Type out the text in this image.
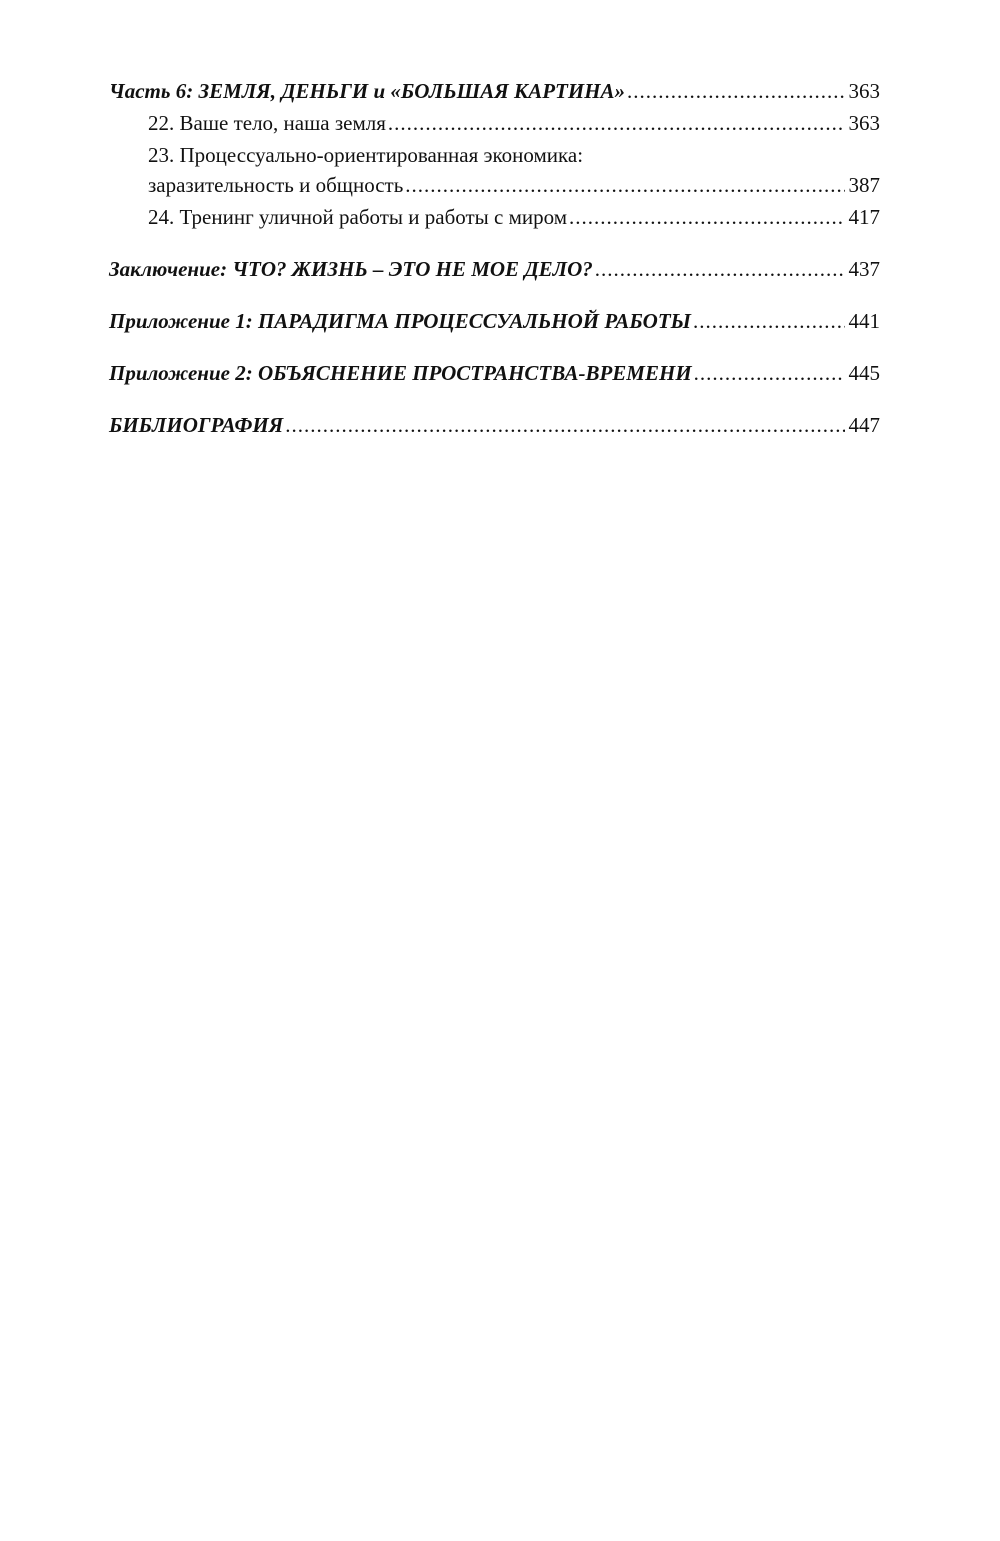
Часть 6: ЗЕМЛЯ, ДЕНЬГИ и «БОЛЬШАЯ КАРТИНА» .....	363
22. Ваше тело, наша земля .....	363
23. Процессуально-ориентированная экономика:
заразительность и общность .....	387
24. Тренинг уличной работы и работы с миром .....	417
Заключение: ЧТО? ЖИЗНЬ – ЭТО НЕ МОЕ ДЕЛО? .....	437
Приложение 1: ПАРАДИГМА ПРОЦЕССУАЛЬНОЙ РАБОТЫ .....	441
Приложение 2: ОБЪЯСНЕНИЕ ПРОСТРАНСТВА-ВРЕМЕНИ .....	445
БИБЛИОГРАФИЯ .....	447
